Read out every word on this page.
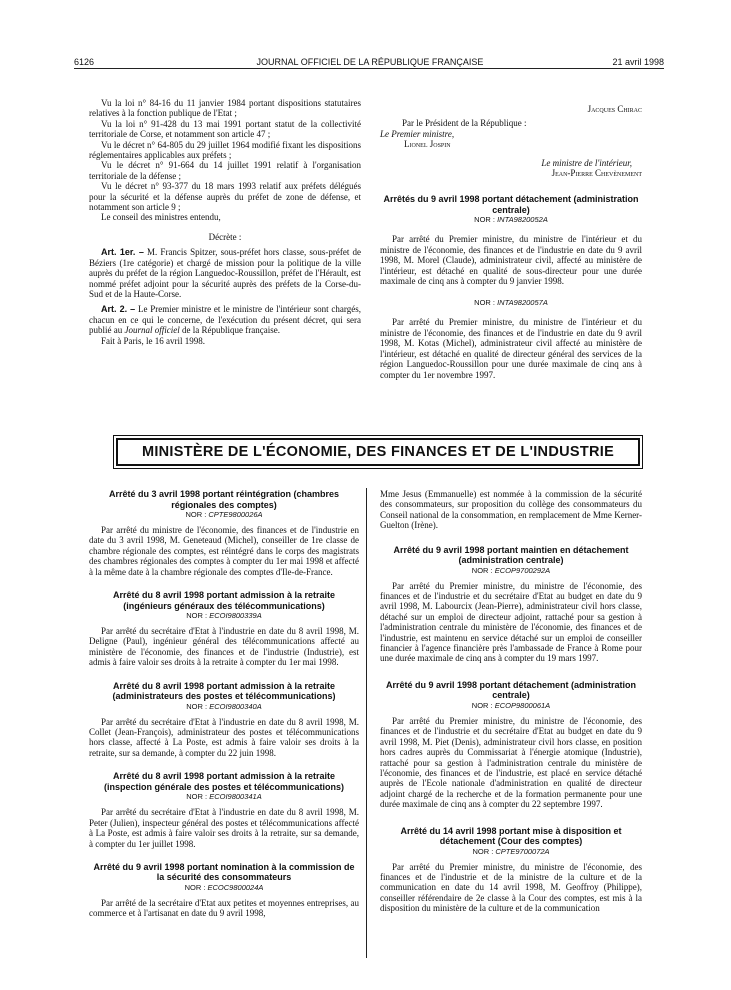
6126	JOURNAL OFFICIEL DE LA RÉPUBLIQUE FRANÇAISE	21 avril 1998

Vu la loi n° 84-16 du 11 janvier 1984 portant dispositions statutaires relatives à la fonction publique de l'Etat ;

Vu la loi n° 91-428 du 13 mai 1991 portant statut de la collectivité territoriale de Corse, et notamment son article 47 ;

Vu le décret n° 64-805 du 29 juillet 1964 modifié fixant les dispositions réglementaires applicables aux préfets ;

Vu le décret n° 91-664 du 14 juillet 1991 relatif à l'organisation territoriale de la défense ;

Vu le décret n° 93-377 du 18 mars 1993 relatif aux préfets délégués pour la sécurité et la défense auprès du préfet de zone de défense, et notamment son article 9 ;

Le conseil des ministres entendu,

Décrète :

Art. 1er. – M. Francis Spitzer, sous-préfet hors classe, sous-préfet de Béziers (1re catégorie) et chargé de mission pour la politique de la ville auprès du préfet de la région Languedoc-Roussillon, préfet de l'Hérault, est nommé préfet adjoint pour la sécurité auprès des préfets de la Corse-du-Sud et de la Haute-Corse.

Art. 2. – Le Premier ministre et le ministre de l'intérieur sont chargés, chacun en ce qui le concerne, de l'exécution du présent décret, qui sera publié au Journal officiel de la République française.

Fait à Paris, le 16 avril 1998.

Jacques Chirac

Par le Président de la République :

Le Premier ministre,

Lionel Jospin

Le ministre de l'intérieur,

Jean-Pierre Chevènement

Arrêtés du 9 avril 1998 portant détachement (administration centrale)
NOR : INTA9820052A

Par arrêté du Premier ministre, du ministre de l'intérieur et du ministre de l'économie, des finances et de l'industrie en date du 9 avril 1998, M. Morel (Claude), administrateur civil, affecté au ministère de l'intérieur, est détaché en qualité de sous-directeur pour une durée maximale de cinq ans à compter du 9 janvier 1998.

NOR : INTA9820057A

Par arrêté du Premier ministre, du ministre de l'intérieur et du ministre de l'économie, des finances et de l'industrie en date du 9 avril 1998, M. Kotas (Michel), administrateur civil affecté au ministère de l'intérieur, est détaché en qualité de directeur général des services de la région Languedoc-Roussillon pour une durée maximale de cinq ans à compter du 1er novembre 1997.

MINISTÈRE DE L'ÉCONOMIE, DES FINANCES ET DE L'INDUSTRIE
Arrêté du 3 avril 1998 portant réintégration (chambres régionales des comptes)
NOR : CPTE9800026A

Par arrêté du ministre de l'économie, des finances et de l'industrie en date du 3 avril 1998, M. Geneteaud (Michel), conseiller de 1re classe de chambre régionale des comptes, est réintégré dans le corps des magistrats des chambres régionales des comptes à compter du 1er mai 1998 et affecté à la même date à la chambre régionale des comptes d'Ile-de-France.

Arrêté du 8 avril 1998 portant admission à la retraite (ingénieurs généraux des télécommunications)
NOR : ECOI9800339A

Par arrêté du secrétaire d'Etat à l'industrie en date du 8 avril 1998, M. Deligne (Paul), ingénieur général des télécommunications affecté au ministère de l'économie, des finances et de l'industrie (Industrie), est admis à faire valoir ses droits à la retraite à compter du 1er mai 1998.

Arrêté du 8 avril 1998 portant admission à la retraite (administrateurs des postes et télécommunications)
NOR : ECOI9800340A

Par arrêté du secrétaire d'Etat à l'industrie en date du 8 avril 1998, M. Collet (Jean-François), administrateur des postes et télécommunications hors classe, affecté à La Poste, est admis à faire valoir ses droits à la retraite, sur sa demande, à compter du 22 juin 1998.

Arrêté du 8 avril 1998 portant admission à la retraite (inspection générale des postes et télécommunications)
NOR : ECOI9800341A

Par arrêté du secrétaire d'Etat à l'industrie en date du 8 avril 1998, M. Peter (Julien), inspecteur général des postes et télécommunications affecté à La Poste, est admis à faire valoir ses droits à la retraite, sur sa demande, à compter du 1er juillet 1998.

Arrêté du 9 avril 1998 portant nomination à la commission de la sécurité des consommateurs
NOR : ECOC9800024A

Par arrêté de la secrétaire d'Etat aux petites et moyennes entreprises, au commerce et à l'artisanat en date du 9 avril 1998,

Mme Jesus (Emmanuelle) est nommée à la commission de la sécurité des consommateurs, sur proposition du collège des consommateurs du Conseil national de la consommation, en remplacement de Mme Kerner-Guelton (Irène).

Arrêté du 9 avril 1998 portant maintien en détachement (administration centrale)
NOR : ECOP9700292A

Par arrêté du Premier ministre, du ministre de l'économie, des finances et de l'industrie et du secrétaire d'Etat au budget en date du 9 avril 1998, M. Labourcix (Jean-Pierre), administrateur civil hors classe, détaché sur un emploi de directeur adjoint, rattaché pour sa gestion à l'administration centrale du ministère de l'économie, des finances et de l'industrie, est maintenu en service détaché sur un emploi de conseiller financier à l'agence financière près l'ambassade de France à Rome pour une durée maximale de cinq ans à compter du 19 mars 1997.

Arrêté du 9 avril 1998 portant détachement (administration centrale)
NOR : ECOP9800061A

Par arrêté du Premier ministre, du ministre de l'économie, des finances et de l'industrie et du secrétaire d'Etat au budget en date du 9 avril 1998, M. Piet (Denis), administrateur civil hors classe, en position hors cadres auprès du Commissariat à l'énergie atomique (Industrie), rattaché pour sa gestion à l'administration centrale du ministère de l'économie, des finances et de l'industrie, est placé en service détaché auprès de l'Ecole nationale d'administration en qualité de directeur adjoint chargé de la recherche et de la formation permanente pour une durée maximale de cinq ans à compter du 22 septembre 1997.

Arrêté du 14 avril 1998 portant mise à disposition et détachement (Cour des comptes)
NOR : CPTE9700072A

Par arrêté du Premier ministre, du ministre de l'économie, des finances et de l'industrie et de la ministre de la culture et de la communication en date du 14 avril 1998, M. Geoffroy (Philippe), conseiller référendaire de 2e classe à la Cour des comptes, est mis à la disposition du ministère de la culture et de la communication
